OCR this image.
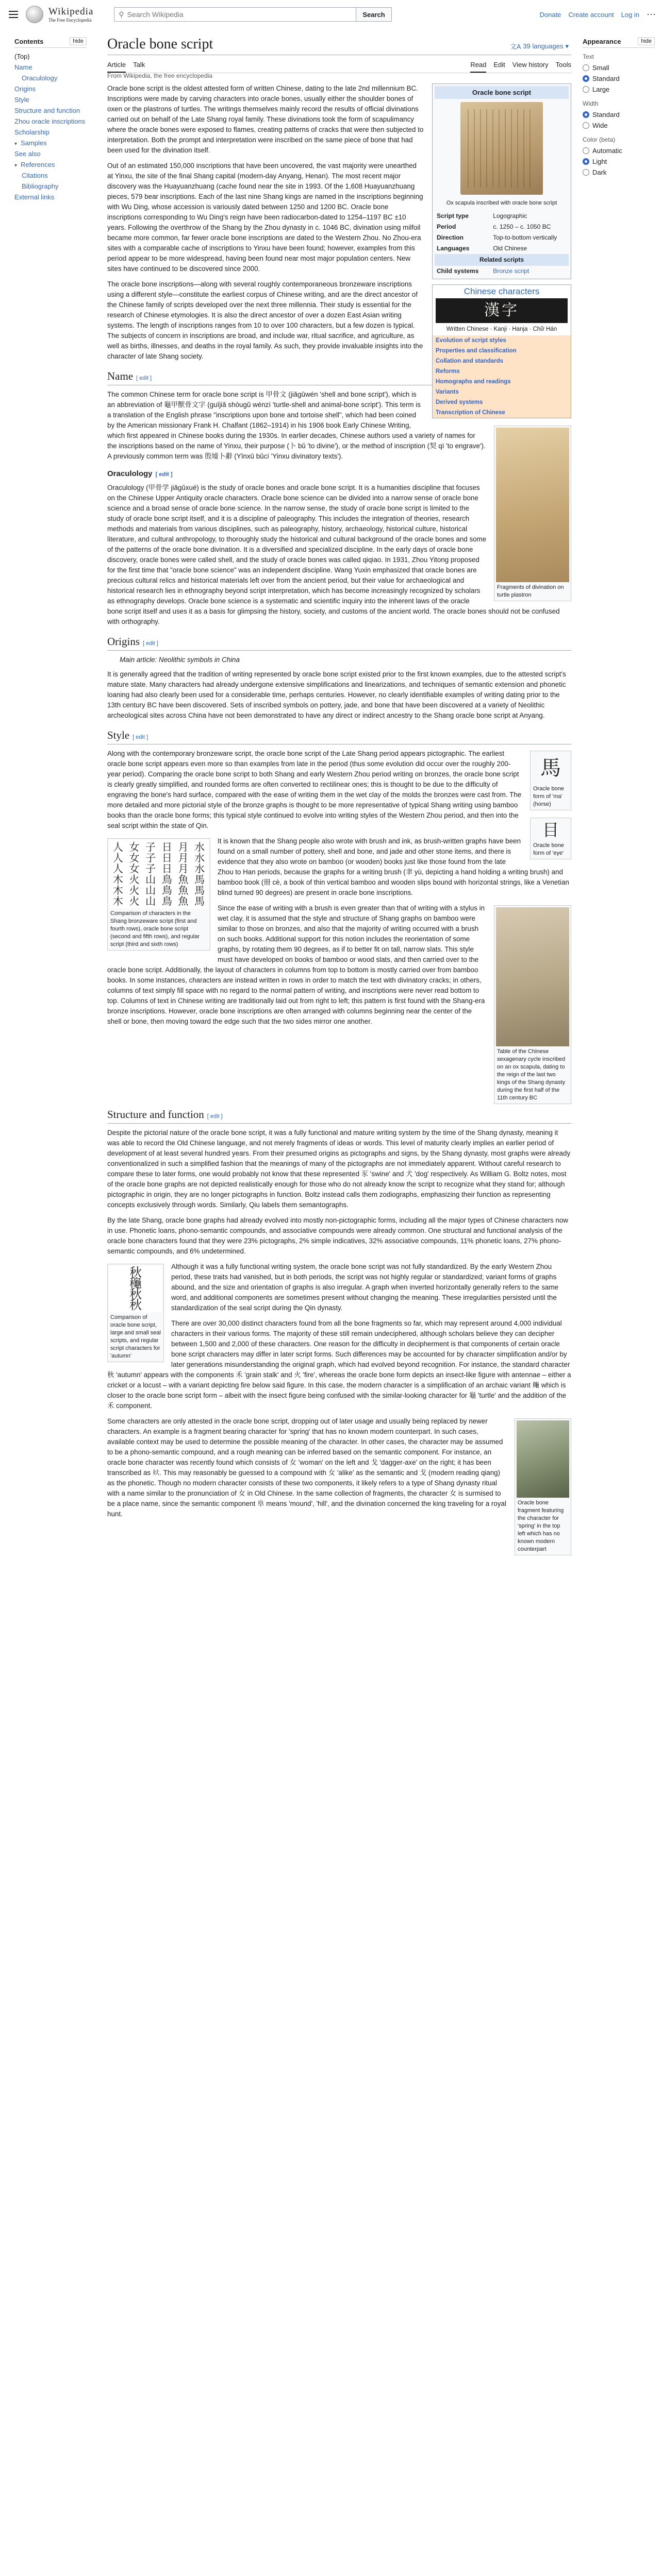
Wikipedia
The Free Encyclopedia
⚲ Search Wikipedia	Search	Donate Create account Log in ⋯
Contents	hide
(Top)
Name
Oraculology
Origins
Style
Structure and function
Zhou oracle inscriptions
Scholarship
▾ Samples
See also
▾ References
Citations
Bibliography
External links
Appearance	hide
Text
Small
Standard
Large
Width
Standard
Wide
Color (beta)
Automatic
Light
Dark
Oracle bone script	文A 39 languages ▾
Article Talk	Read Edit View history Tools
From Wikipedia, the free encyclopedia
Oracle bone script
Ox scapula inscribed with oracle bone script
Script type	Logographic
Period	c. 1250 – c. 1050 BC
Direction	Top-to-bottom vertically
Languages	Old Chinese
Related scripts	
Child systems	Bronze script
Chinese characters
漢字
Written Chinese · Kanji · Hanja · Chữ Hán
Evolution of script styles
Properties and classification
Collation and standards
Reforms
Homographs and readings
Variants
Derived systems
Transcription of Chinese

Oracle bone script is the oldest attested form of written Chinese, dating to the late 2nd millennium BC. Inscriptions were made by carving characters into oracle bones, usually either the shoulder bones of oxen or the plastrons of turtles. The writings themselves mainly record the results of official divinations carried out on behalf of the Late Shang royal family. These divinations took the form of scapulimancy where the oracle bones were exposed to flames, creating patterns of cracks that were then subjected to interpretation. Both the prompt and interpretation were inscribed on the same piece of bone that had been used for the divination itself.

Out of an estimated 150,000 inscriptions that have been uncovered, the vast majority were unearthed at Yinxu, the site of the final Shang capital (modern-day Anyang, Henan). The most recent major discovery was the Huayuanzhuang (cache found near the site in 1993. Of the 1,608 Huayuanzhuang pieces, 579 bear inscriptions. Each of the last nine Shang kings are named in the inscriptions beginning with Wu Ding, whose accession is variously dated between 1250 and 1200 BC. Oracle bone inscriptions corresponding to Wu Ding's reign have been radiocarbon-dated to 1254–1197 BC ±10 years. Following the overthrow of the Shang by the Zhou dynasty in c. 1046 BC, divination using milfoil became more common, far fewer oracle bone inscriptions are dated to the Western Zhou. No Zhou-era sites with a comparable cache of inscriptions to Yinxu have been found; however, examples from this period appear to be more widespread, having been found near most major population centers. New sites have continued to be discovered since 2000.

The oracle bone inscriptions—along with several roughly contemporaneous bronzeware inscriptions using a different style—constitute the earliest corpus of Chinese writing, and are the direct ancestor of the Chinese family of scripts developed over the next three millennia. Their study is essential for the research of Chinese etymologies. It is also the direct ancestor of over a dozen East Asian writing systems. The length of inscriptions ranges from 10 to over 100 characters, but a few dozen is typical. The subjects of concern in inscriptions are broad, and include war, ritual sacrifice, and agriculture, as well as births, illnesses, and deaths in the royal family. As such, they provide invaluable insights into the character of late Shang society.

Name [ edit ]
Fragments of divination on turtle plastron

The common Chinese term for oracle bone script is 甲骨文 (jiǎgǔwén 'shell and bone script'), which is an abbreviation of 龜甲獸骨文字 (guījiǎ shòugǔ wénzì 'turtle-shell and animal-bone script'). This term is a translation of the English phrase "inscriptions upon bone and tortoise shell", which had been coined by the American missionary Frank H. Chalfant (1862–1914) in his 1906 book Early Chinese Writing, which first appeared in Chinese books during the 1930s. In earlier decades, Chinese authors used a variety of names for the inscriptions based on the name of Yinxu, their purpose (卜 bǔ 'to divine'), or the method of inscription (契 qì 'to engrave'). A previously common term was 殷墟卜辭 (Yīnxū bǔcí 'Yinxu divinatory texts').

Oraculology [ edit ]

Oraculology (甲骨学 jiǎgǔxué) is the study of oracle bones and oracle bone script. It is a humanities discipline that focuses on the Chinese Upper Antiquity oracle characters. Oracle bone science can be divided into a narrow sense of oracle bone science and a broad sense of oracle bone science. In the narrow sense, the study of oracle bone script is limited to the study of oracle bone script itself, and it is a discipline of paleography. This includes the integration of theories, research methods and materials from various disciplines, such as paleography, history, archaeology, historical culture, historical literature, and cultural anthropology, to thoroughly study the historical and cultural background of the oracle bones and some of the patterns of the oracle bone divination. It is a diversified and specialized discipline. In the early days of oracle bone discovery, oracle bones were called shell, and the study of oracle bones was called qiqiao. In 1931, Zhou Yitong proposed for the first time that "oracle bone science" was an independent discipline. Wang Yuxin emphasized that oracle bones are precious cultural relics and historical materials left over from the ancient period, but their value for archaeological and historical research lies in ethnography beyond script interpretation, which has become increasingly recognized by scholars as ethnography develops. Oracle bone science is a systematic and scientific inquiry into the inherent laws of the oracle bone script itself and uses it as a basis for glimpsing the history, society, and customs of the ancient world. The oracle bones should not be confused with orthography.

Origins [ edit ]
Main article: Neolithic symbols in China

It is generally agreed that the tradition of writing represented by oracle bone script existed prior to the first known examples, due to the attested script's mature state. Many characters had already undergone extensive simplifications and linearizations, and techniques of semantic extension and phonetic loaning had also clearly been used for a considerable time, perhaps centuries. However, no clearly identifiable examples of writing dating prior to the 13th century BC have been discovered. Sets of inscribed symbols on pottery, jade, and bone that have been discovered at a variety of Neolithic archeological sites across China have not been demonstrated to have any direct or indirect ancestry to the Shang oracle bone script at Anyang.

Style [ edit ]
馬
Oracle bone form of 'ma' (horse)
目
Oracle bone form of 'eye'

Along with the contemporary bronzeware script, the oracle bone script of the Late Shang period appears pictographic. The earliest oracle bone script appears even more so than examples from late in the period (thus some evolution did occur over the roughly 200-year period). Comparing the oracle bone script to both Shang and early Western Zhou period writing on bronzes, the oracle bone script is clearly greatly simplified, and rounded forms are often converted to rectilinear ones; this is thought to be due to the difficulty of engraving the bone's hard surface, compared with the ease of writing them in the wet clay of the molds the bronzes were cast from. The more detailed and more pictorial style of the bronze graphs is thought to be more representative of typical Shang writing using bamboo books than the oracle bone forms; this typical style continued to evolve into writing styles of the Western Zhou period, and then into the seal script within the state of Qin.

人 女 子 日 月 水
人 女 子 日 月 水
人 女 子 日 月 水
木 火 山 鳥 魚 馬
木 火 山 鳥 魚 馬
木 火 山 鳥 魚 馬
Comparison of characters in the Shang bronzeware script (first and fourth rows), oracle bone script (second and fifth rows), and regular script (third and sixth rows)

It is known that the Shang people also wrote with brush and ink, as brush-written graphs have been found on a small number of pottery, shell and bone, and jade and other stone items, and there is evidence that they also wrote on bamboo (or wooden) books just like those found from the late Zhou to Han periods, because the graphs for a writing brush (聿 yù, depicting a hand holding a writing brush) and bamboo book (冊 cè, a book of thin vertical bamboo and wooden slips bound with horizontal strings, like a Venetian blind turned 90 degrees) are present in oracle bone inscriptions.

Table of the Chinese sexagenary cycle inscribed on an ox scapula, dating to the reign of the last two kings of the Shang dynasty during the first half of the 11th century BC

Since the ease of writing with a brush is even greater than that of writing with a stylus in wet clay, it is assumed that the style and structure of Shang graphs on bamboo were similar to those on bronzes, and also that the majority of writing occurred with a brush on such books. Additional support for this notion includes the reorientation of some graphs, by rotating them 90 degrees, as if to better fit on tall, narrow slats. This style must have developed on books of bamboo or wood slats, and then carried over to the oracle bone script. Additionally, the layout of characters in columns from top to bottom is mostly carried over from bamboo books. In some instances, characters are instead written in rows in order to match the text with divinatory cracks; in others, columns of text simply fill space with no regard to the normal pattern of writing, and inscriptions were never read bottom to top. Columns of text in Chinese writing are traditionally laid out from right to left; this pattern is first found with the Shang-era bronze inscriptions. However, oracle bone inscriptions are often arranged with columns beginning near the center of the shell or bone, then moving toward the edge such that the two sides mirror one another.

Structure and function [ edit ]

Despite the pictorial nature of the oracle bone script, it was a fully functional and mature writing system by the time of the Shang dynasty, meaning it was able to record the Old Chinese language, and not merely fragments of ideas or words. This level of maturity clearly implies an earlier period of development of at least several hundred years. From their presumed origins as pictographs and signs, by the Shang dynasty, most graphs were already conventionalized in such a simplified fashion that the meanings of many of the pictographs are not immediately apparent. Without careful research to compare these to later forms, one would probably not know that these represented 豕 'swine' and 犬 'dog' respectively. As William G. Boltz notes, most of the oracle bone graphs are not depicted realistically enough for those who do not already know the script to recognize what they stand for; although pictographic in origin, they are no longer pictographs in function. Boltz instead calls them zodiographs, emphasizing their function as representing concepts exclusively through words. Similarly, Qiu labels them semantographs.

By the late Shang, oracle bone graphs had already evolved into mostly non-pictographic forms, including all the major types of Chinese characters now in use. Phonetic loans, phono-semantic compounds, and associative compounds were already common. One structural and functional analysis of the oracle bone characters found that they were 23% pictographs, 2% simple indicatives, 32% associative compounds, 11% phonetic loans, 27% phono-semantic compounds, and 6% undetermined.

秋
龝
秋
秋
Comparison of oracle bone script, large and small seal scripts, and regular script characters for 'autumn'

Although it was a fully functional writing system, the oracle bone script was not fully standardized. By the early Western Zhou period, these traits had vanished, but in both periods, the script was not highly regular or standardized; variant forms of graphs abound, and the size and orientation of graphs is also irregular. A graph when inverted horizontally generally refers to the same word, and additional components are sometimes present without changing the meaning. These irregularities persisted until the standardization of the seal script during the Qin dynasty.

There are over 30,000 distinct characters found from all the bone fragments so far, which may represent around 4,000 individual characters in their various forms. The majority of these still remain undeciphered, although scholars believe they can decipher between 1,500 and 2,000 of these characters. One reason for the difficulty in decipherment is that components of certain oracle bone script characters may differ in later script forms. Such differences may be accounted for by character simplification and/or by later generations misunderstanding the original graph, which had evolved beyond recognition. For instance, the standard character 秋 'autumn' appears with the components 禾 'grain stalk' and 火 'fire', whereas the oracle bone form depicts an insect-like figure with antennae – either a cricket or a locust – with a variant depicting fire below said figure. In this case, the modern character is a simplification of an archaic variant 龝 which is closer to the oracle bone script form – albeit with the insect figure being confused with the similar-looking character for 龜 'turtle' and the addition of the 禾 component.

Oracle bone fragment featuring the character for 'spring' in the top left which has no known modern counterpart

Some characters are only attested in the oracle bone script, dropping out of later usage and usually being replaced by newer characters. An example is a fragment bearing character for 'spring' that has no known modern counterpart. In such cases, available context may be used to determine the possible meaning of the character. In other cases, the character may be assumed to be a phono-semantic compound, and a rough meaning can be inferred based on the semantic component. For instance, an oracle bone character was recently found which consists of 女 'woman' on the left and 戈 'dagger-axe' on the right; it has been transcribed as 𡚻. This may reasonably be guessed to a compound with 女 'alike' as the semantic and 戈 (modern reading qiang) as the phonetic. Though no modern character consists of these two components, it likely refers to a type of Shang dynasty ritual with a name similar to the pronunciation of 女 in Old Chinese. In the same collection of fragments, the character 女 is surmised to be a place name, since the semantic component 阜 means 'mound', 'hill', and the divination concerned the king traveling for a royal hunt.
